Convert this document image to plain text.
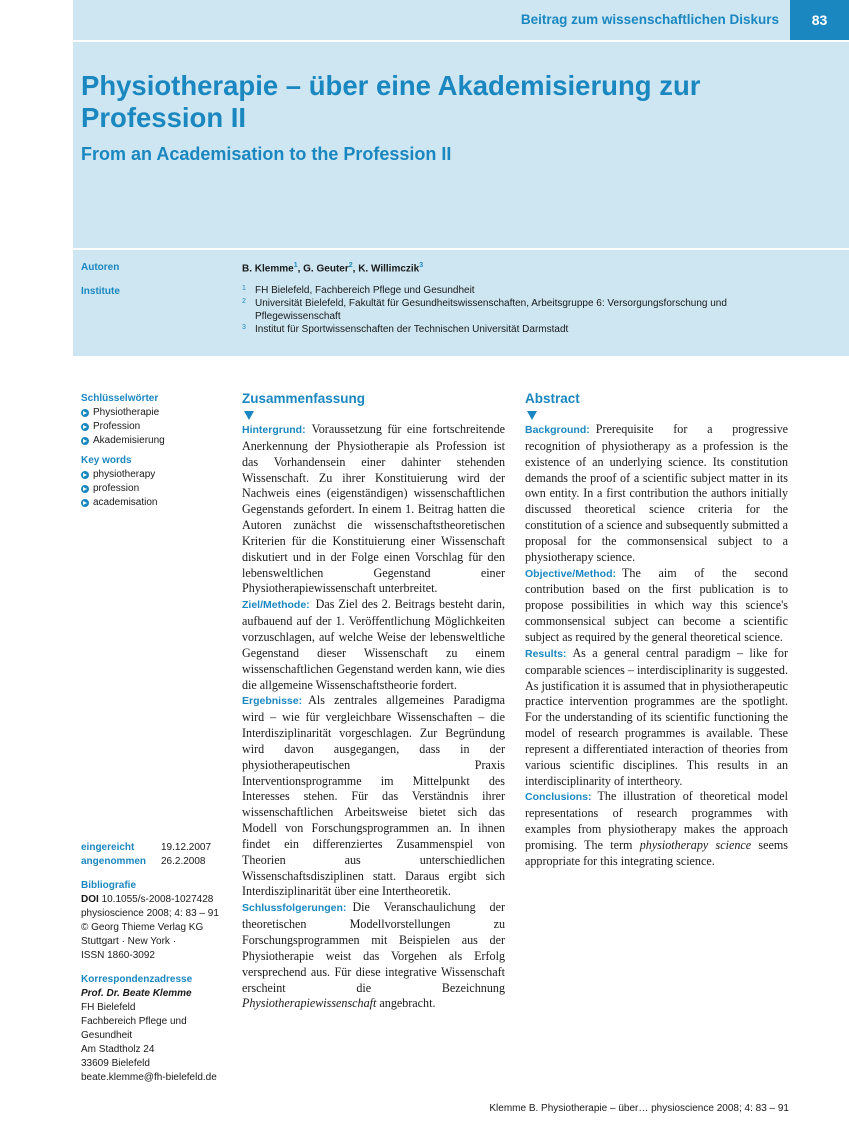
Beitrag zum wissenschaftlichen Diskurs	83
Physiotherapie – über eine Akademisierung zur Profession II
From an Academisation to the Profession II
Autoren	B. Klemme$^1$, G. Geuter$^2$, K. Willimczik$^3$
Institute	1 FH Bielefeld, Fachbereich Pflege und Gesundheit
2 Universität Bielefeld, Fakultät für Gesundheitswissenschaften, Arbeitsgruppe 6: Versorgungsforschung und Pflegewissenschaft
3 Institut für Sportwissenschaften der Technischen Universität Darmstadt
Schlüsselwörter
Physiotherapie
Profession
Akademisierung
Key words
physiotherapy
profession
academisation
eingereicht	19.12.2007
angenommen	26.2.2008
Bibliografie
DOI 10.1055/s-2008-1027428
physioscience 2008; 4: 83 – 91
© Georg Thieme Verlag KG
Stuttgart · New York ·
ISSN 1860-3092
Korrespondenzadresse
Prof. Dr. Beate Klemme
FH Bielefeld
Fachbereich Pflege und
Gesundheit
Am Stadtholz 24
33609 Bielefeld
beate.klemme@fh-bielefeld.de
Zusammenfassung

Hintergrund: Voraussetzung für eine fortschreitende Anerkennung der Physiotherapie als Profession ist das Vorhandensein einer dahinter stehenden Wissenschaft. Zu ihrer Konstituierung wird der Nachweis eines (eigenständigen) wissenschaftlichen Gegenstands gefordert. In einem 1. Beitrag hatten die Autoren zunächst die wissenschaftstheoretischen Kriterien für die Konstituierung einer Wissenschaft diskutiert und in der Folge einen Vorschlag für den lebensweltlichen Gegenstand einer Physiotherapiewissenschaft unterbreitet.

Ziel/Methode: Das Ziel des 2. Beitrags besteht darin, aufbauend auf der 1. Veröffentlichung Möglichkeiten vorzuschlagen, auf welche Weise der lebensweltliche Gegenstand dieser Wissenschaft zu einem wissenschaftlichen Gegenstand werden kann, wie dies die allgemeine Wissenschaftstheorie fordert.

Ergebnisse: Als zentrales allgemeines Paradigma wird – wie für vergleichbare Wissenschaften – die Interdisziplinarität vorgeschlagen. Zur Begründung wird davon ausgegangen, dass in der physiotherapeutischen Praxis Interventionsprogramme im Mittelpunkt des Interesses stehen. Für das Verständnis ihrer wissenschaftlichen Arbeitsweise bietet sich das Modell von Forschungsprogrammen an. In ihnen findet ein differenziertes Zusammenspiel von Theorien aus unterschiedlichen Wissenschaftsdisziplinen statt. Daraus ergibt sich Interdisziplinarität über eine Intertheoretik.

Schlussfolgerungen: Die Veranschaulichung der theoretischen Modellvorstellungen zu Forschungsprogrammen mit Beispielen aus der Physiotherapie weist das Vorgehen als Erfolg versprechend aus. Für diese integrative Wissenschaft erscheint die Bezeichnung Physiotherapiewissenschaft angebracht.

Abstract

Background: Prerequisite for a progressive recognition of physiotherapy as a profession is the existence of an underlying science. Its constitution demands the proof of a scientific subject matter in its own entity. In a first contribution the authors initially discussed theoretical science criteria for the constitution of a science and subsequently submitted a proposal for the commonsensical subject to a physiotherapy science.

Objective/Method: The aim of the second contribution based on the first publication is to propose possibilities in which way this science's commonsensical subject can become a scientific subject as required by the general theoretical science.

Results: As a general central paradigm – like for comparable sciences – interdisciplinarity is suggested. As justification it is assumed that in physiotherapeutic practice intervention programmes are the spotlight. For the understanding of its scientific functioning the model of research programmes is available. These represent a differentiated interaction of theories from various scientific disciplines. This results in an interdisciplinarity of intertheory.

Conclusions: The illustration of theoretical model representations of research programmes with examples from physiotherapy makes the approach promising. The term physiotherapy science seems appropriate for this integrating science.

Klemme B. Physiotherapie – über… physioscience 2008; 4: 83 – 91
